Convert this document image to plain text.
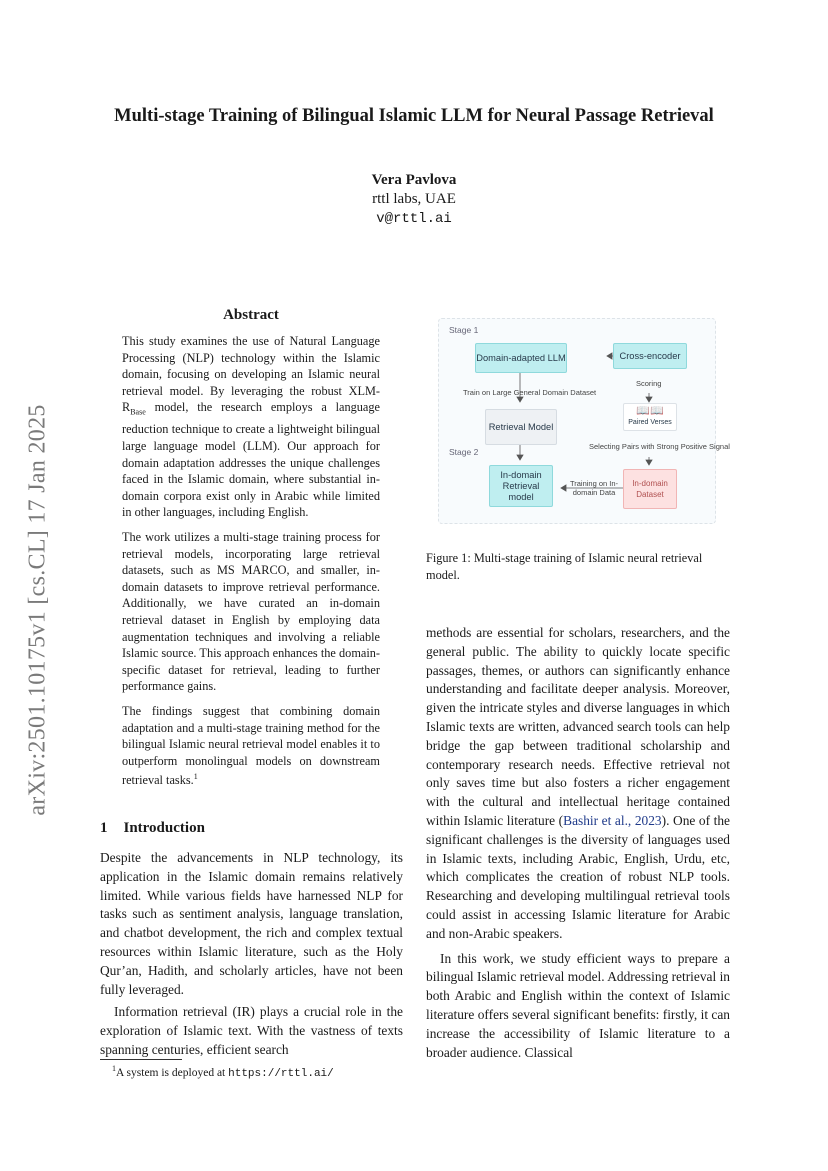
arXiv:2501.10175v1 [cs.CL] 17 Jan 2025
Multi-stage Training of Bilingual Islamic LLM for Neural Passage Retrieval
Vera Pavlova
rttl labs, UAE
v@rttl.ai
Abstract

This study examines the use of Natural Language Processing (NLP) technology within the Islamic domain, focusing on developing an Islamic neural retrieval model. By leveraging the robust XLM-$R_{Base}$ model, the research employs a language reduction technique to create a lightweight bilingual large language model (LLM). Our approach for domain adaptation addresses the unique challenges faced in the Islamic domain, where substantial in-domain corpora exist only in Arabic while limited in other languages, including English.

The work utilizes a multi-stage training process for retrieval models, incorporating large retrieval datasets, such as MS MARCO, and smaller, in-domain datasets to improve retrieval performance. Additionally, we have curated an in-domain retrieval dataset in English by employing data augmentation techniques and involving a reliable Islamic source. This approach enhances the domain-specific dataset for retrieval, leading to further performance gains.

The findings suggest that combining domain adaptation and a multi-stage training method for the bilingual Islamic neural retrieval model enables it to outperform monolingual models on downstream retrieval tasks.$^1$

1 Introduction

Despite the advancements in NLP technology, its application in the Islamic domain remains relatively limited. While various fields have harnessed NLP for tasks such as sentiment analysis, language translation, and chatbot development, the rich and complex textual resources within Islamic literature, such as the Holy Qur’an, Hadith, and scholarly articles, have not been fully leveraged.

Information retrieval (IR) plays a crucial role in the exploration of Islamic text. With the vastness of texts spanning centuries, efficient search

$^1$A system is deployed at https://rttl.ai/
Stage 1
Stage 2
Domain-adapted LLM
Retrieval Model
In-domain Retrieval model
Cross-encoder
📖📖
Paired Verses
In-domain Dataset
Train on Large General Domain Dataset
Scoring
Selecting Pairs with Strong Positive Signal
Training on In-domain Data
Figure 1: Multi-stage training of Islamic neural retrieval model.

methods are essential for scholars, researchers, and the general public. The ability to quickly locate specific passages, themes, or authors can significantly enhance understanding and facilitate deeper analysis. Moreover, given the intricate styles and diverse languages in which Islamic texts are written, advanced search tools can help bridge the gap between traditional scholarship and contemporary research needs. Effective retrieval not only saves time but also fosters a richer engagement with the cultural and intellectual heritage contained within Islamic literature (Bashir et al., 2023). One of the significant challenges is the diversity of languages used in Islamic texts, including Arabic, English, Urdu, etc, which complicates the creation of robust NLP tools. Researching and developing multilingual retrieval tools could assist in accessing Islamic literature for Arabic and non-Arabic speakers.

In this work, we study efficient ways to prepare a bilingual Islamic retrieval model. Addressing retrieval in both Arabic and English within the context of Islamic literature offers several significant benefits: firstly, it can increase the accessibility of Islamic literature to a broader audience. Classical
